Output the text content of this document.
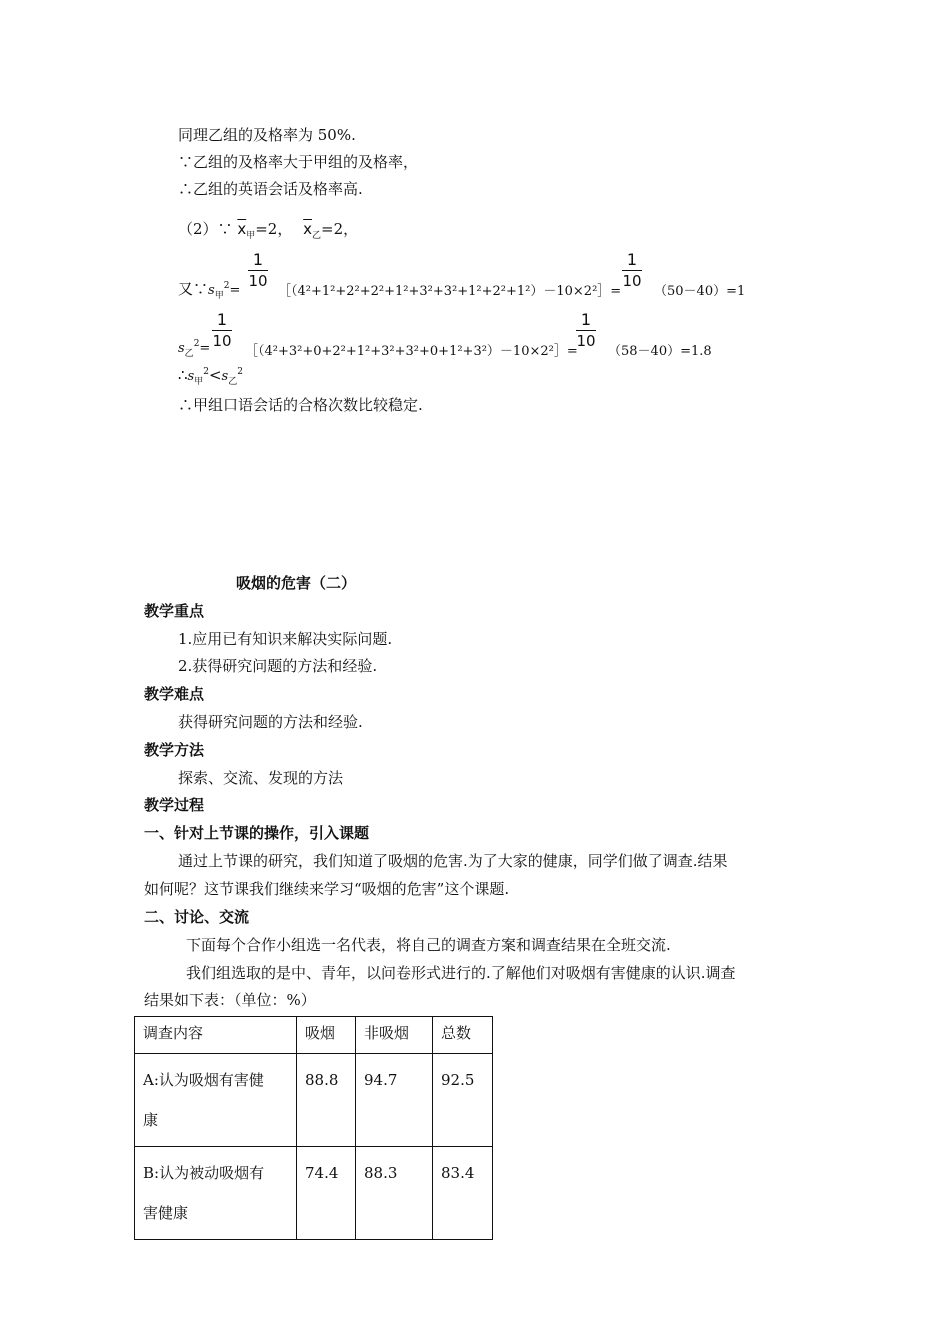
同理乙组的及格率为 50%.
∵乙组的及格率大于甲组的及格率，
∴乙组的英语会话及格率高.
（2）∵ $\overline{x}_甲=2$， $\overline{x}_乙=2$，
又$\because s_甲^2=$
1
10
［（4²+1²+2²+2²+1²+3²+3²+1²+2²+1²）－10×2²］=
1
10
（50－40）=1
$s_乙^2=$
1
10
［（4²+3²+0+2²+1²+3²+3²+0+1²+3²）－10×2²］=
1
10
（58－40）=1.8
$\therefore s_甲^2<s_乙^2$
∴甲组口语会话的合格次数比较稳定.
吸烟的危害（二）
教学重点
1.应用已有知识来解决实际问题.
2.获得研究问题的方法和经验.
教学难点
获得研究问题的方法和经验.
教学方法
探索、交流、发现的方法
教学过程
一、针对上节课的操作，引入课题
通过上节课的研究，我们知道了吸烟的危害.为了大家的健康，同学们做了调查.结果
如何呢？这节课我们继续来学习“吸烟的危害”这个课题.
二、讨论、交流
下面每个合作小组选一名代表，将自己的调查方案和调查结果在全班交流.
我们组选取的是中、青年，以问卷形式进行的.了解他们对吸烟有害健康的认识.调查
结果如下表：（单位：%）
调查内容	吸烟	非吸烟	总数

A:认为吸烟有害健
康	88.8	94.7	92.5

B:认为被动吸烟有
害健康	74.4	88.3	83.4
